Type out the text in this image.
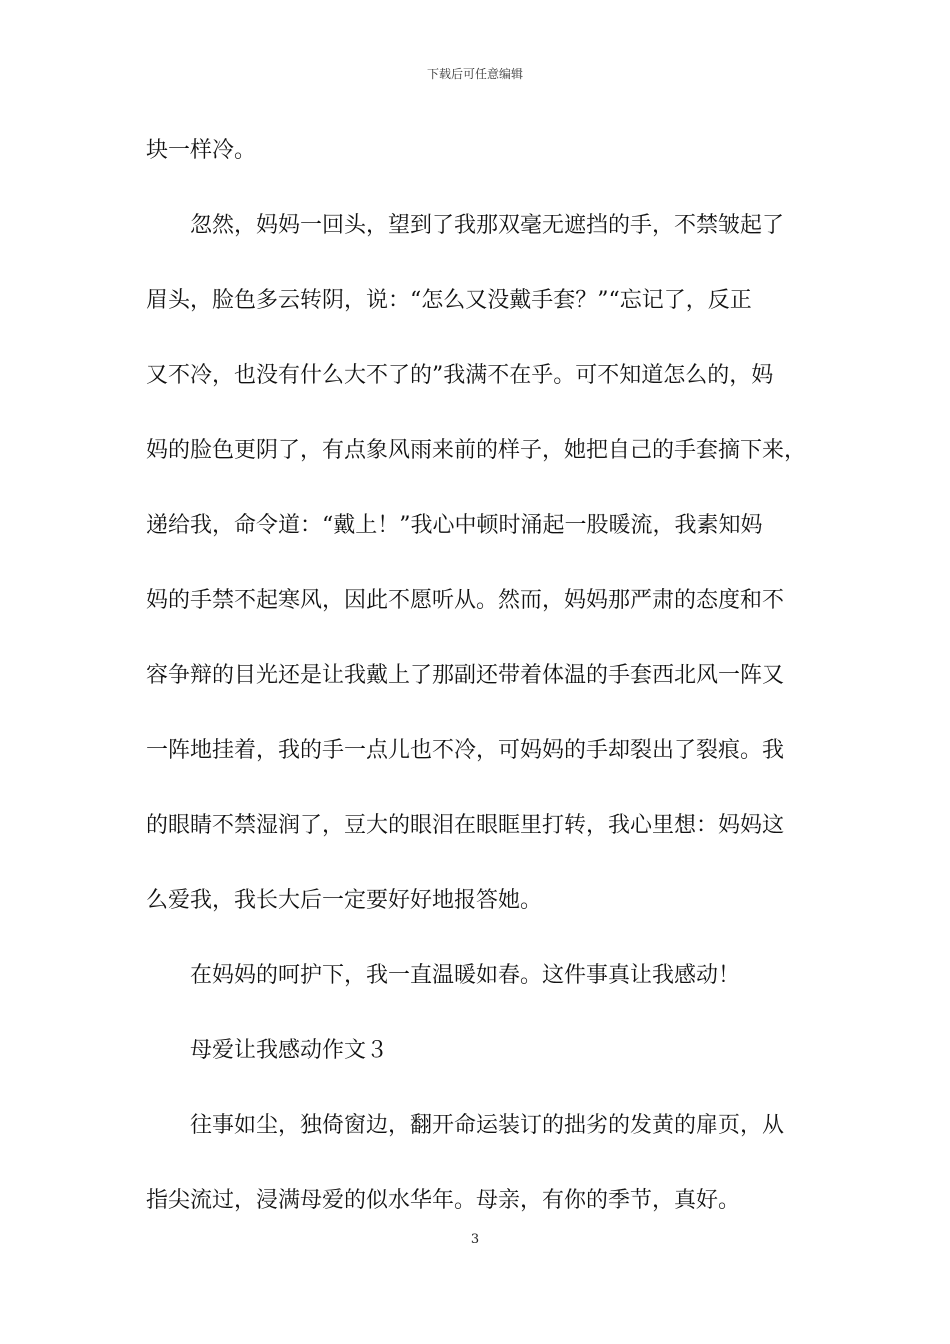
下载后可任意编辑
块一样冷。
忽然，妈妈一回头，望到了我那双毫无遮挡的手，不禁皱起了
眉头，脸色多云转阴，说：“怎么又没戴手套？”“忘记了，反正
又不冷，也没有什么大不了的”我满不在乎。可不知道怎么的，妈
妈的脸色更阴了，有点象风雨来前的样子，她把自己的手套摘下来，
递给我，命令道：“戴上！”我心中顿时涌起一股暖流，我素知妈
妈的手禁不起寒风，因此不愿听从。然而，妈妈那严肃的态度和不
容争辩的目光还是让我戴上了那副还带着体温的手套西北风一阵又
一阵地挂着，我的手一点儿也不冷，可妈妈的手却裂出了裂痕。我
的眼睛不禁湿润了，豆大的眼泪在眼眶里打转，我心里想：妈妈这
么爱我，我长大后一定要好好地报答她。
在妈妈的呵护下，我一直温暖如春。这件事真让我感动！
母爱让我感动作文３
往事如尘，独倚窗边，翻开命运装订的拙劣的发黄的扉页，从
指尖流过，浸满母爱的似水华年。母亲，有你的季节，真好。
3
